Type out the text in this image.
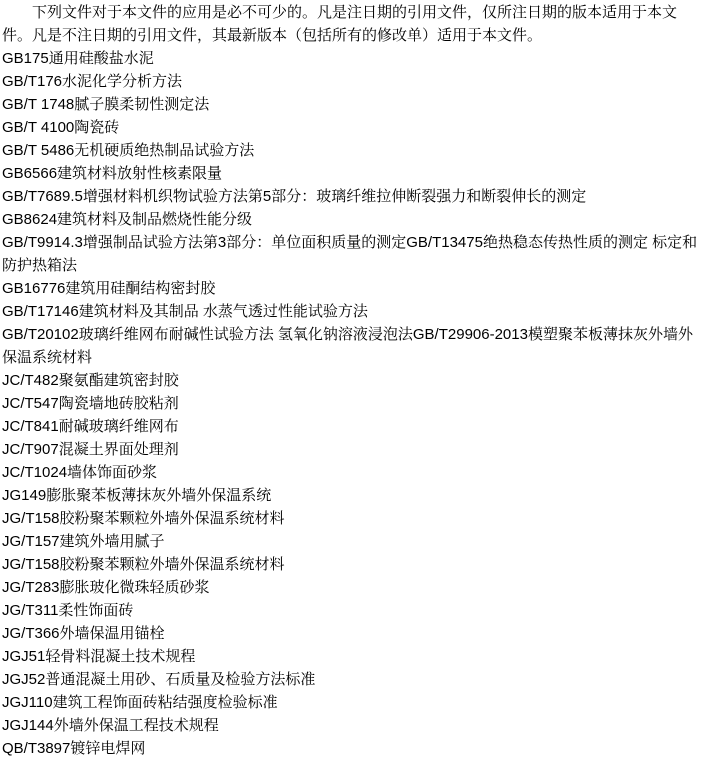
下列文件对于本文件的应用是必不可少的。凡是注日期的引用文件，仅所注日期的版本适用于本文件。凡是不注日期的引用文件，其最新版本（包括所有的修改单）适用于本文件。

GB175通用硅酸盐水泥

GB/T176水泥化学分析方法

GB/T 1748腻子膜柔韧性测定法

GB/T 4100陶瓷砖

GB/T 5486无机硬质绝热制品试验方法

GB6566建筑材料放射性核素限量

GB/T7689.5增强材料机织物试验方法第5部分：玻璃纤维拉伸断裂强力和断裂伸长的测定

GB8624建筑材料及制品燃烧性能分级

GB/T9914.3增强制品试验方法第3部分：单位面积质量的测定GB/T13475绝热稳态传热性质的测定 标定和防护热箱法

GB16776建筑用硅酮结构密封胶

GB/T17146建筑材料及其制品 水蒸气透过性能试验方法

GB/T20102玻璃纤维网布耐碱性试验方法 氢氧化钠溶液浸泡法GB/T29906-2013模塑聚苯板薄抹灰外墙外保温系统材料

JC/T482聚氨酯建筑密封胶

JC/T547陶瓷墙地砖胶粘剂

JC/T841耐碱玻璃纤维网布

JC/T907混凝土界面处理剂

JC/T1024墙体饰面砂浆

JG149膨胀聚苯板薄抹灰外墙外保温系统

JG/T158胶粉聚苯颗粒外墙外保温系统材料

JG/T157建筑外墙用腻子

JG/T158胶粉聚苯颗粒外墙外保温系统材料

JG/T283膨胀玻化微珠轻质砂浆

JG/T311柔性饰面砖

JG/T366外墙保温用锚栓

JGJ51轻骨料混凝土技术规程

JGJ52普通混凝土用砂、石质量及检验方法标准

JGJ110建筑工程饰面砖粘结强度检验标准

JGJ144外墙外保温工程技术规程

QB/T3897镀锌电焊网
